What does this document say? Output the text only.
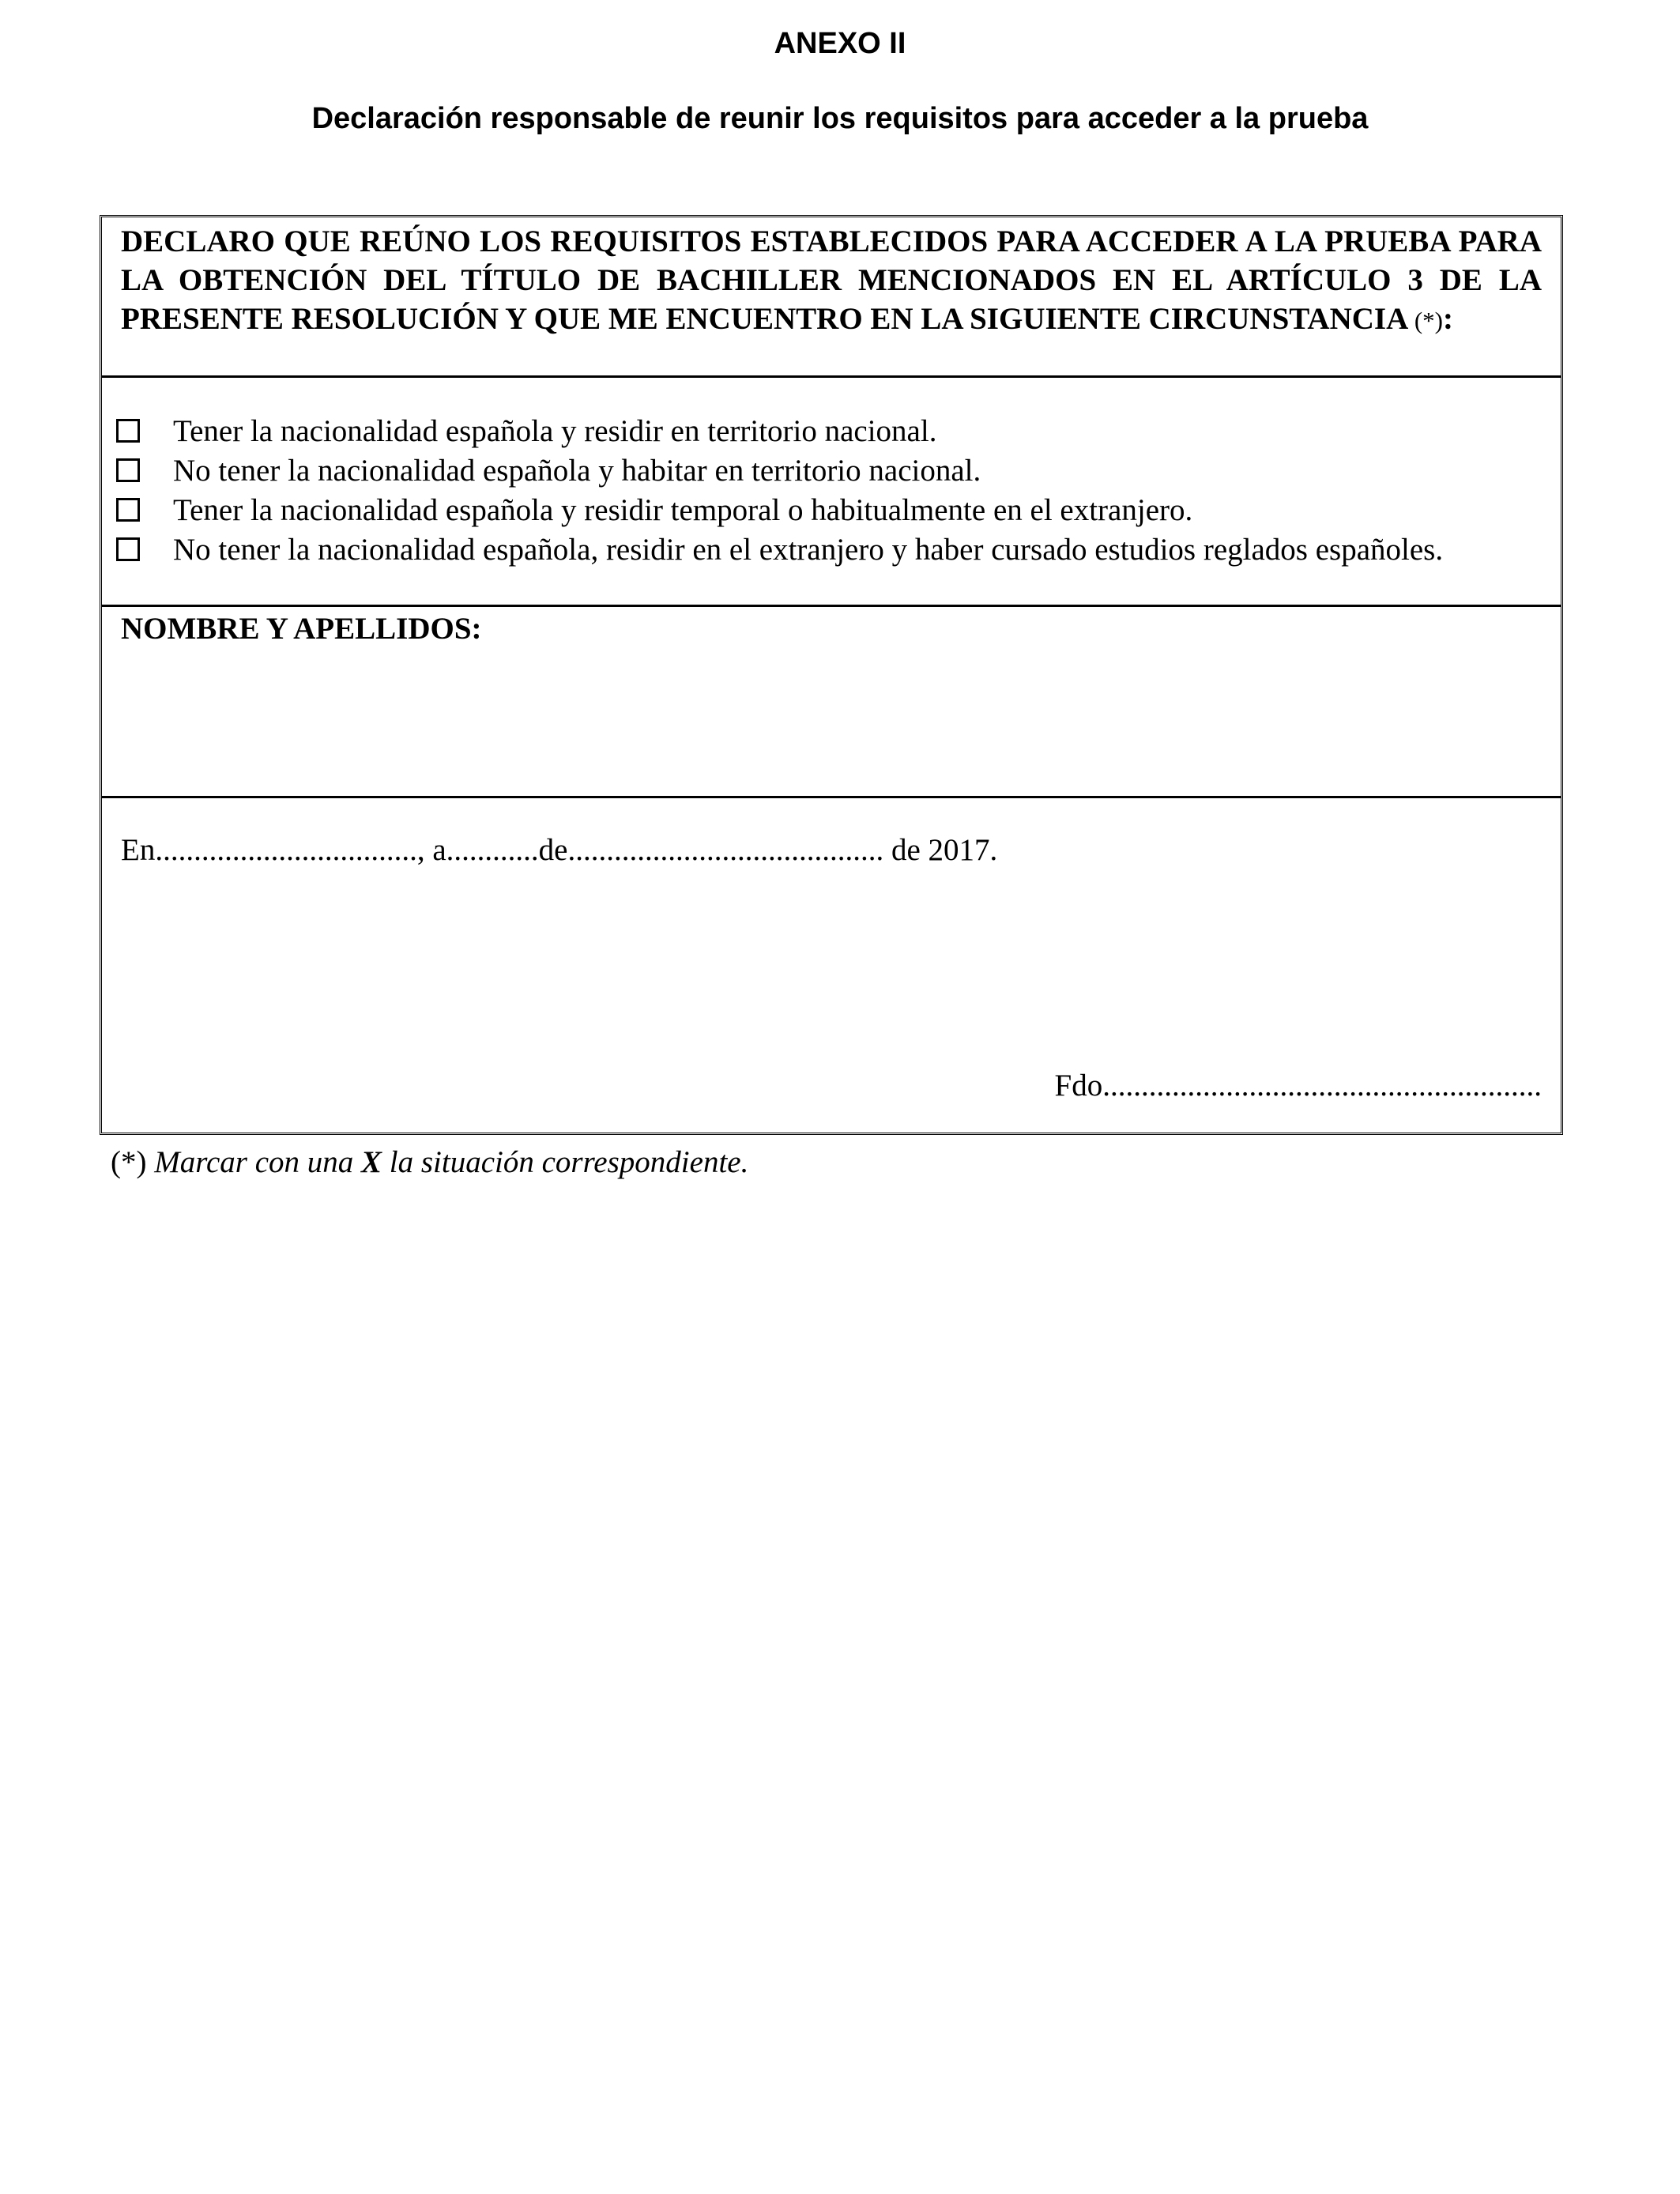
ANEXO II
Declaración responsable de reunir los requisitos para acceder a la prueba
DECLARO QUE REÚNO LOS REQUISITOS ESTABLECIDOS PARA ACCEDER A LA PRUEBA PARA LA OBTENCIÓN DEL TÍTULO DE BACHILLER MENCIONADOS EN EL ARTÍCULO 3 DE LA PRESENTE RESOLUCIÓN Y QUE ME ENCUENTRO EN LA SIGUIENTE CIRCUNSTANCIA (*):
Tener la nacionalidad española y residir en territorio nacional.
No tener la nacionalidad española y habitar en territorio nacional.
Tener la nacionalidad española y residir temporal o habitualmente en el extranjero.
No tener la nacionalidad española, residir en el extranjero y haber cursado estudios reglados españoles.
NOMBRE Y APELLIDOS:
En.................................., a............de......................................... de 2017.
Fdo.........................................................
(*) Marcar con una X la situación correspondiente.
